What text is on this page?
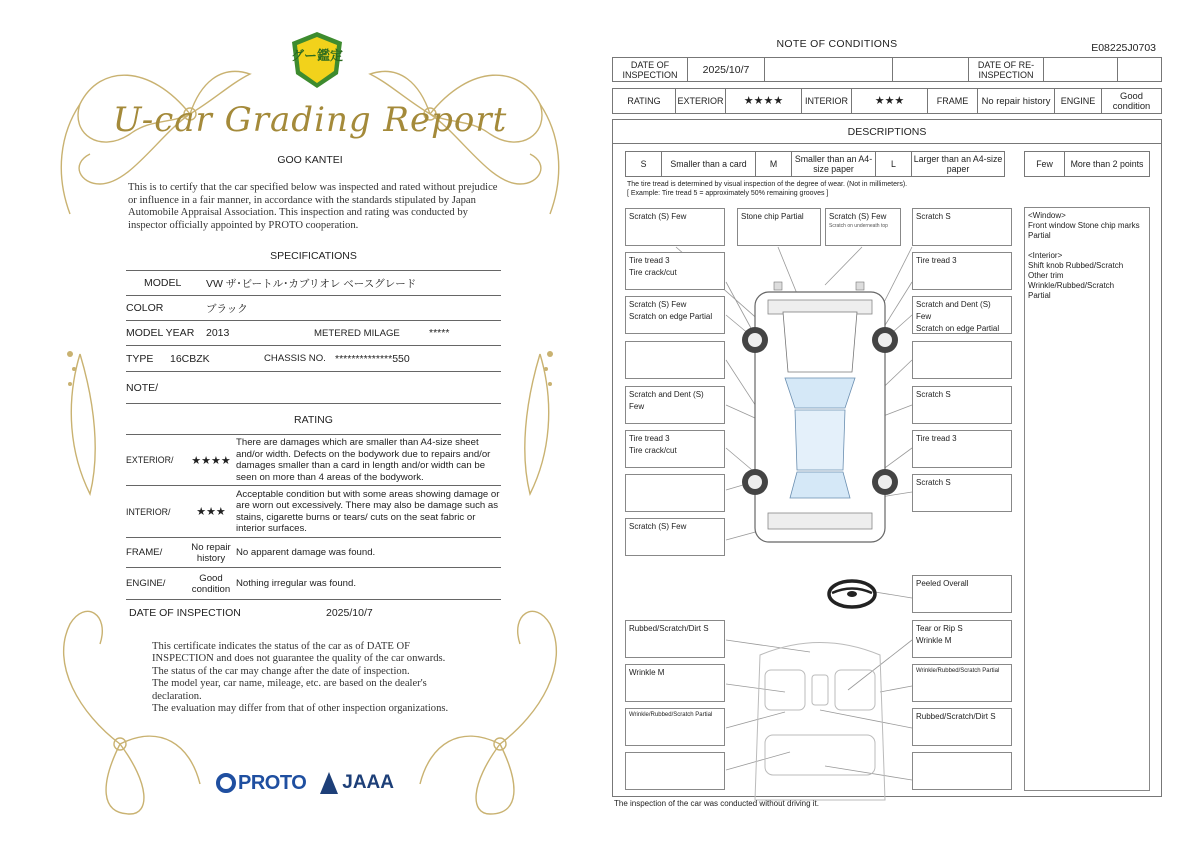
グー鑑定
U-car Grading Report
GOO KANTEI
This is to certify that the car specified below was inspected and rated without prejudice or influence in a fair manner, in accordance with the standards stipulated by Japan Automobile Appraisal Association. This inspection and rating was conducted by inspector officially appointed by PROTO cooperation.
SPECIFICATIONS
MODEL	VW ザ･ビートル･カブリオレ ベースグレード
COLOR	ブラック
MODEL YEAR	2013	METERED MILAGE	*****
TYPE	16CBZK	CHASSIS NO. **************550
NOTE/
RATING
EXTERIOR/	★★★★
There are damages which are smaller than A4-size sheet and/or width. Defects on the bodywork due to repairs and/or damages smaller than a card in length and/or width can be seen on more than 4 areas of the bodywork.
INTERIOR/	★★★
Acceptable condition but with some areas showing damage or are worn out excessively. There may also be damage such as stains, cigarette burns or tears/ cuts on the seat fabric or interior surfaces.
FRAME/	No repair history
No apparent damage was found.
ENGINE/	Good condition
Nothing irregular was found.
DATE OF INSPECTION	2025/10/7
This certificate indicates the status of the car as of DATE OF
INSPECTION and does not guarantee the quality of the car onwards.
The status of the car may change after the date of inspection.
The model year, car name, mileage, etc. are based on the dealer's
declaration.
The evaluation may differ from that of other inspection organizations.
PROTO JAAA
NOTE OF CONDITIONS	E08225J0703
DATE OF INSPECTION	2025/10/7	DATE OF RE-INSPECTION
RATING	EXTERIOR	★★★★	INTERIOR	★★★	FRAME	No repair history	ENGINE	Good condition
DESCRIPTIONS
S	Smaller than a card	M	Smaller than an A4-size paper	L	Larger than an A4-size paper	Few	More than 2 points
The tire tread is determined by visual inspection of the degree of wear. (Not in millimeters).
[ Example: Tire tread 5 = approximately 50% remaining grooves ]
Scratch (S) Few
Tire tread 3
Tire crack/cut
Scratch (S) Few
Scratch on edge Partial
Scratch and Dent (S) Few
Tire tread 3
Tire crack/cut
Scratch (S) Few
Stone chip Partial	Scratch (S) Few
Scratch on underneath top
Scratch S
Tire tread 3
Scratch and Dent (S) Few
Scratch on edge Partial
Scratch S
Tire tread 3
Scratch S
Peeled Overall
Rubbed/Scratch/Dirt S	Tear or Rip S
Wrinkle M
Wrinkle M	Wrinkle/Rubbed/Scratch Partial
Wrinkle/Rubbed/Scratch Partial	Rubbed/Scratch/Dirt S

<Window>
Front window Stone chip marks Partial

<Interior>
Shift knob Rubbed/Scratch
Other trim
Wrinkle/Rubbed/Scratch
Partial

The inspection of the car was conducted without driving it.
